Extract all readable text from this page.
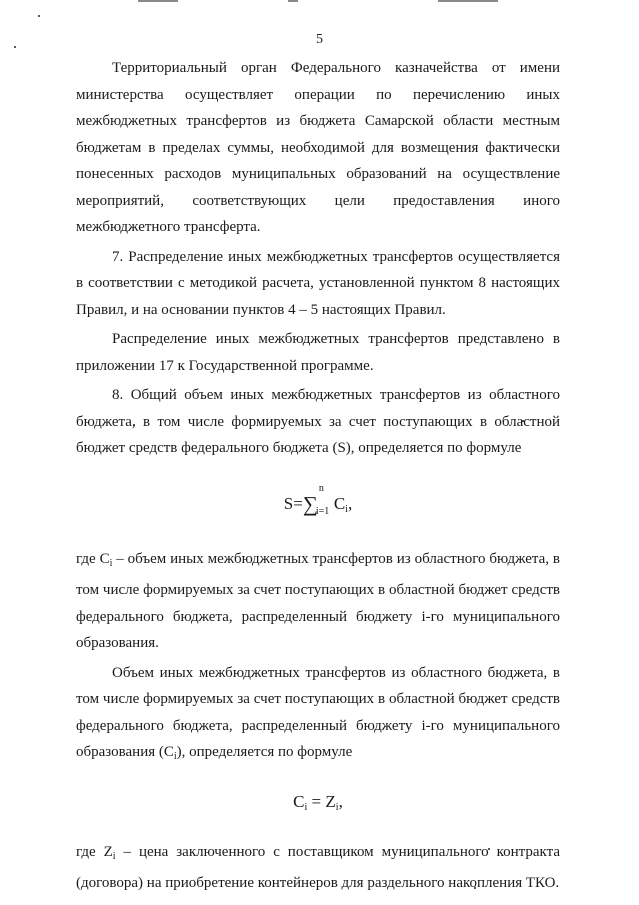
5

Территориальный орган Федерального казначейства от имени министерства осуществляет операции по перечислению иных межбюджетных трансфертов из бюджета Самарской области местным бюджетам в пределах суммы, необходимой для возмещения фактически понесенных расходов муниципальных образований на осуществление мероприятий, соответствующих цели предоставления иного межбюджетного трансферта.

7. Распределение иных межбюджетных трансфертов осуществляется в соответствии с методикой расчета, установленной пунктом 8 настоящих Правил, и на основании пунктов 4 – 5 настоящих Правил.

Распределение иных межбюджетных трансфертов представлено в приложении 17 к Государственной программе.

8. Общий объем иных межбюджетных трансфертов из областного бюджета, в том числе формируемых за счет поступающих в областной бюджет средств федерального бюджета (S), определяется по формуле

S=∑
n
i=1 $C_i$,

где $C_i$ – объем иных межбюджетных трансфертов из областного бюджета, в том числе формируемых за счет поступающих в областной бюджет средств федерального бюджета, распределенный бюджету i-го муниципального образования.

Объем иных межбюджетных трансфертов из областного бюджета, в том числе формируемых за счет поступающих в областной бюджет средств федерального бюджета, распределенный бюджету i-го муниципального образования $(C_i)$, определяется по формуле

$C_i = Z_i$,

где $Z_i$ – цена заключенного с поставщиком муниципального контракта (договора) на приобретение контейнеров для раздельного накопления ТКО.
